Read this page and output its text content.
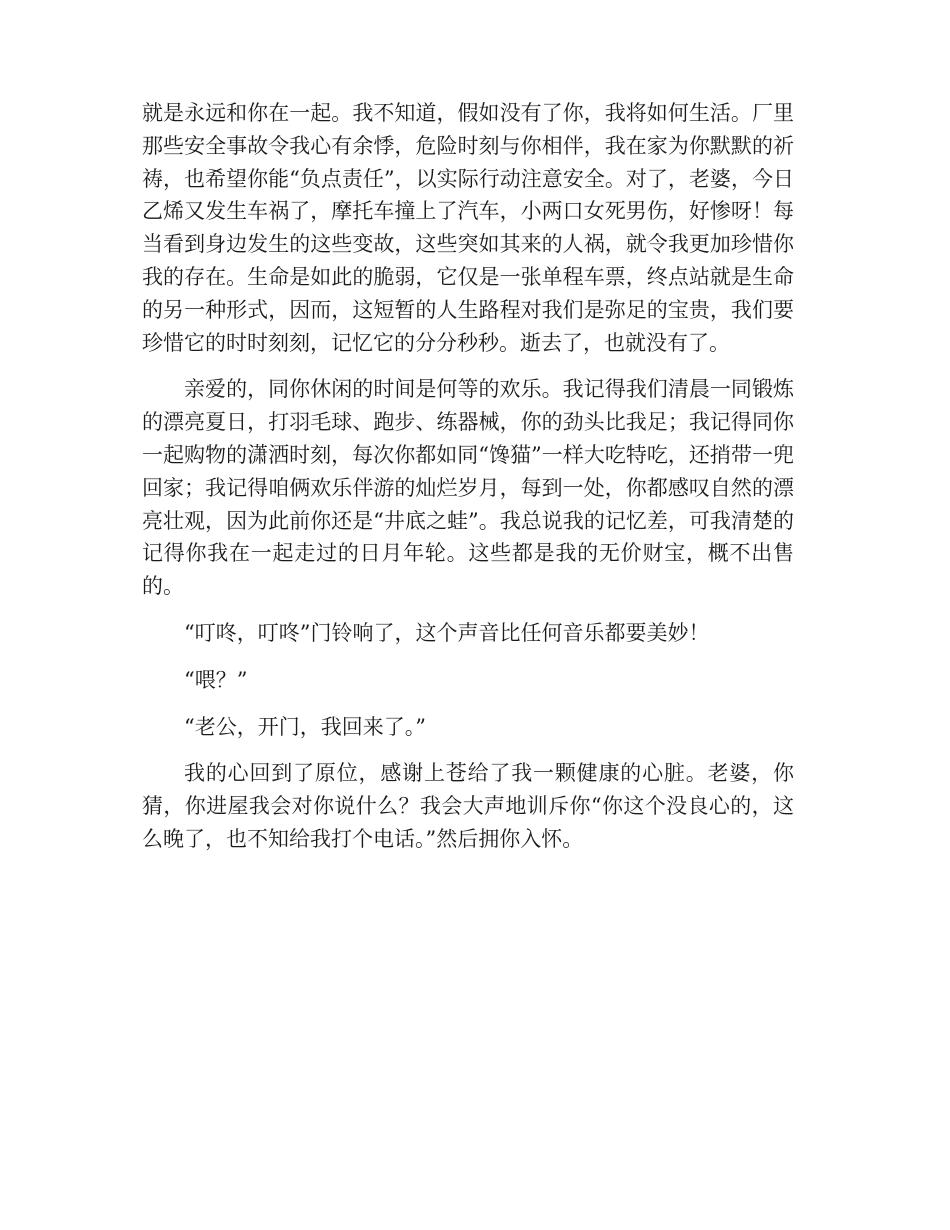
就是永远和你在一起。我不知道，假如没有了你，我将如何生活。厂里那些安全事故令我心有余悸，危险时刻与你相伴，我在家为你默默的祈祷，也希望你能“负点责任”，以实际行动注意安全。对了，老婆，今日乙烯又发生车祸了，摩托车撞上了汽车，小两口女死男伤，好惨呀！每当看到身边发生的这些变故，这些突如其来的人祸，就令我更加珍惜你我的存在。生命是如此的脆弱，它仅是一张单程车票，终点站就是生命的另一种形式，因而，这短暂的人生路程对我们是弥足的宝贵，我们要珍惜它的时时刻刻，记忆它的分分秒秒。逝去了，也就没有了。

亲爱的，同你休闲的时间是何等的欢乐。我记得我们清晨一同锻炼的漂亮夏日，打羽毛球、跑步、练器械，你的劲头比我足；我记得同你一起购物的潇洒时刻，每次你都如同“馋猫”一样大吃特吃，还捎带一兜回家；我记得咱俩欢乐伴游的灿烂岁月，每到一处，你都感叹自然的漂亮壮观，因为此前你还是“井底之蛙”。我总说我的记忆差，可我清楚的记得你我在一起走过的日月年轮。这些都是我的无价财宝，概不出售的。

“叮咚，叮咚”门铃响了，这个声音比任何音乐都要美妙！

“喂？”

“老公，开门，我回来了。”

我的心回到了原位，感谢上苍给了我一颗健康的心脏。老婆，你猜，你进屋我会对你说什么？我会大声地训斥你“你这个没良心的，这么晚了，也不知给我打个电话。”然后拥你入怀。
